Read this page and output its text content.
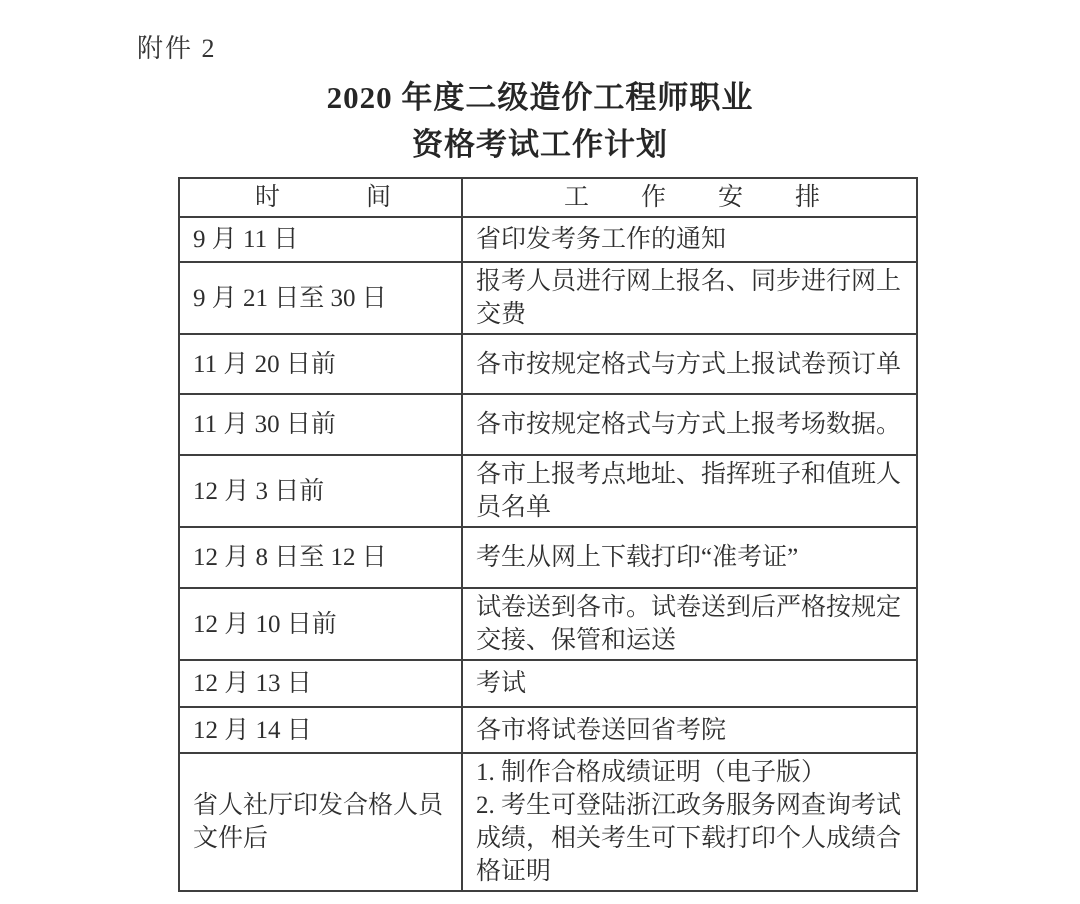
附件 2
2020 年度二级造价工程师职业
资格考试工作计划
时 间	工 作 安 排

9 月 11 日	省印发考务工作的通知
9 月 21 日至 30 日	报考人员进行网上报名、同步进行网上交费
11 月 20 日前	各市按规定格式与方式上报试卷预订单
11 月 30 日前	各市按规定格式与方式上报考场数据。
12 月 3 日前	各市上报考点地址、指挥班子和值班人员名单
12 月 8 日至 12 日	考生从网上下载打印“准考证”
12 月 10 日前	试卷送到各市。试卷送到后严格按规定交接、保管和运送
12 月 13 日	考试
12 月 14 日	各市将试卷送回省考院
省人社厅印发合格人员文件后	1. 制作合格成绩证明（电子版）
2. 考生可登陆浙江政务服务网查询考试成绩，相关考生可下载打印个人成绩合格证明
